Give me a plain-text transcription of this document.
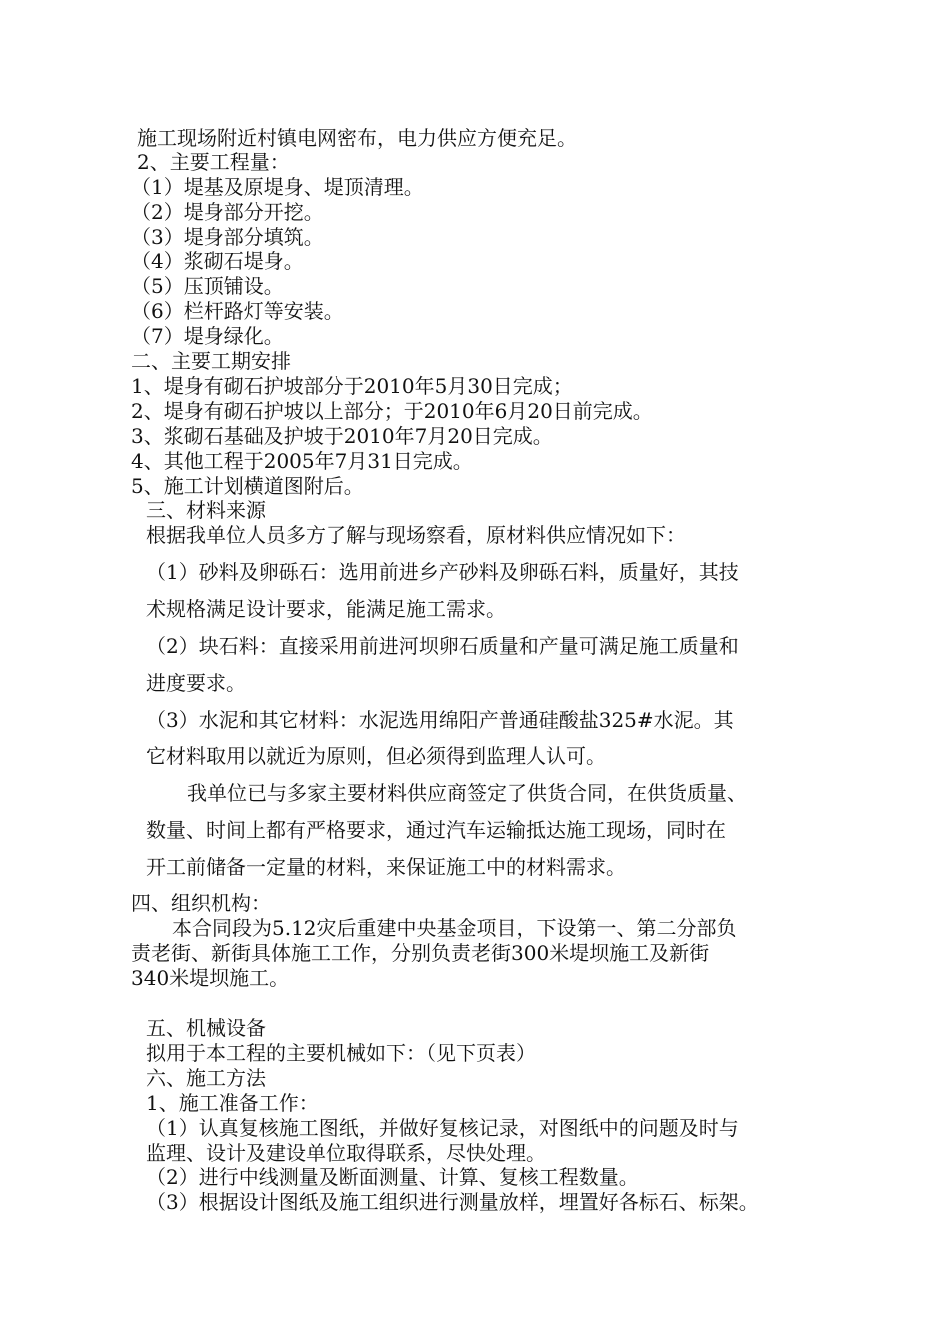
施工现场附近村镇电网密布，电力供应方便充足。
2、主要工程量：
（1）堤基及原堤身、堤顶清理。
（2）堤身部分开挖。
（3）堤身部分填筑。
（4）浆砌石堤身。
（5）压顶铺设。
（6）栏杆路灯等安装。
（7）堤身绿化。
二、主要工期安排
1、堤身有砌石护坡部分于2010年5月30日完成；
2、堤身有砌石护坡以上部分；于2010年6月20日前完成。
3、浆砌石基础及护坡于2010年7月20日完成。
4、其他工程于2005年7月31日完成。
5、施工计划横道图附后。
三、材料来源
根据我单位人员多方了解与现场察看，原材料供应情况如下：
（1）砂料及卵砾石：选用前进乡产砂料及卵砾石料，质量好，其技
术规格满足设计要求，能满足施工需求。
（2）块石料：直接采用前进河坝卵石质量和产量可满足施工质量和
进度要求。
（3）水泥和其它材料：水泥选用绵阳产普通硅酸盐325#水泥。其
它材料取用以就近为原则，但必须得到监理人认可。
我单位已与多家主要材料供应商签定了供货合同，在供货质量、
数量、时间上都有严格要求，通过汽车运输抵达施工现场，同时在
开工前储备一定量的材料，来保证施工中的材料需求。
四、组织机构：
本合同段为5.12灾后重建中央基金项目，下设第一、第二分部负
责老街、新街具体施工工作，分别负责老街300米堤坝施工及新街
340米堤坝施工。
五、机械设备
拟用于本工程的主要机械如下：（见下页表）
六、施工方法
1、施工准备工作：
（1）认真复核施工图纸，并做好复核记录，对图纸中的问题及时与
监理、设计及建设单位取得联系，尽快处理。
（2）进行中线测量及断面测量、计算、复核工程数量。
（3）根据设计图纸及施工组织进行测量放样，埋置好各标石、标架。
